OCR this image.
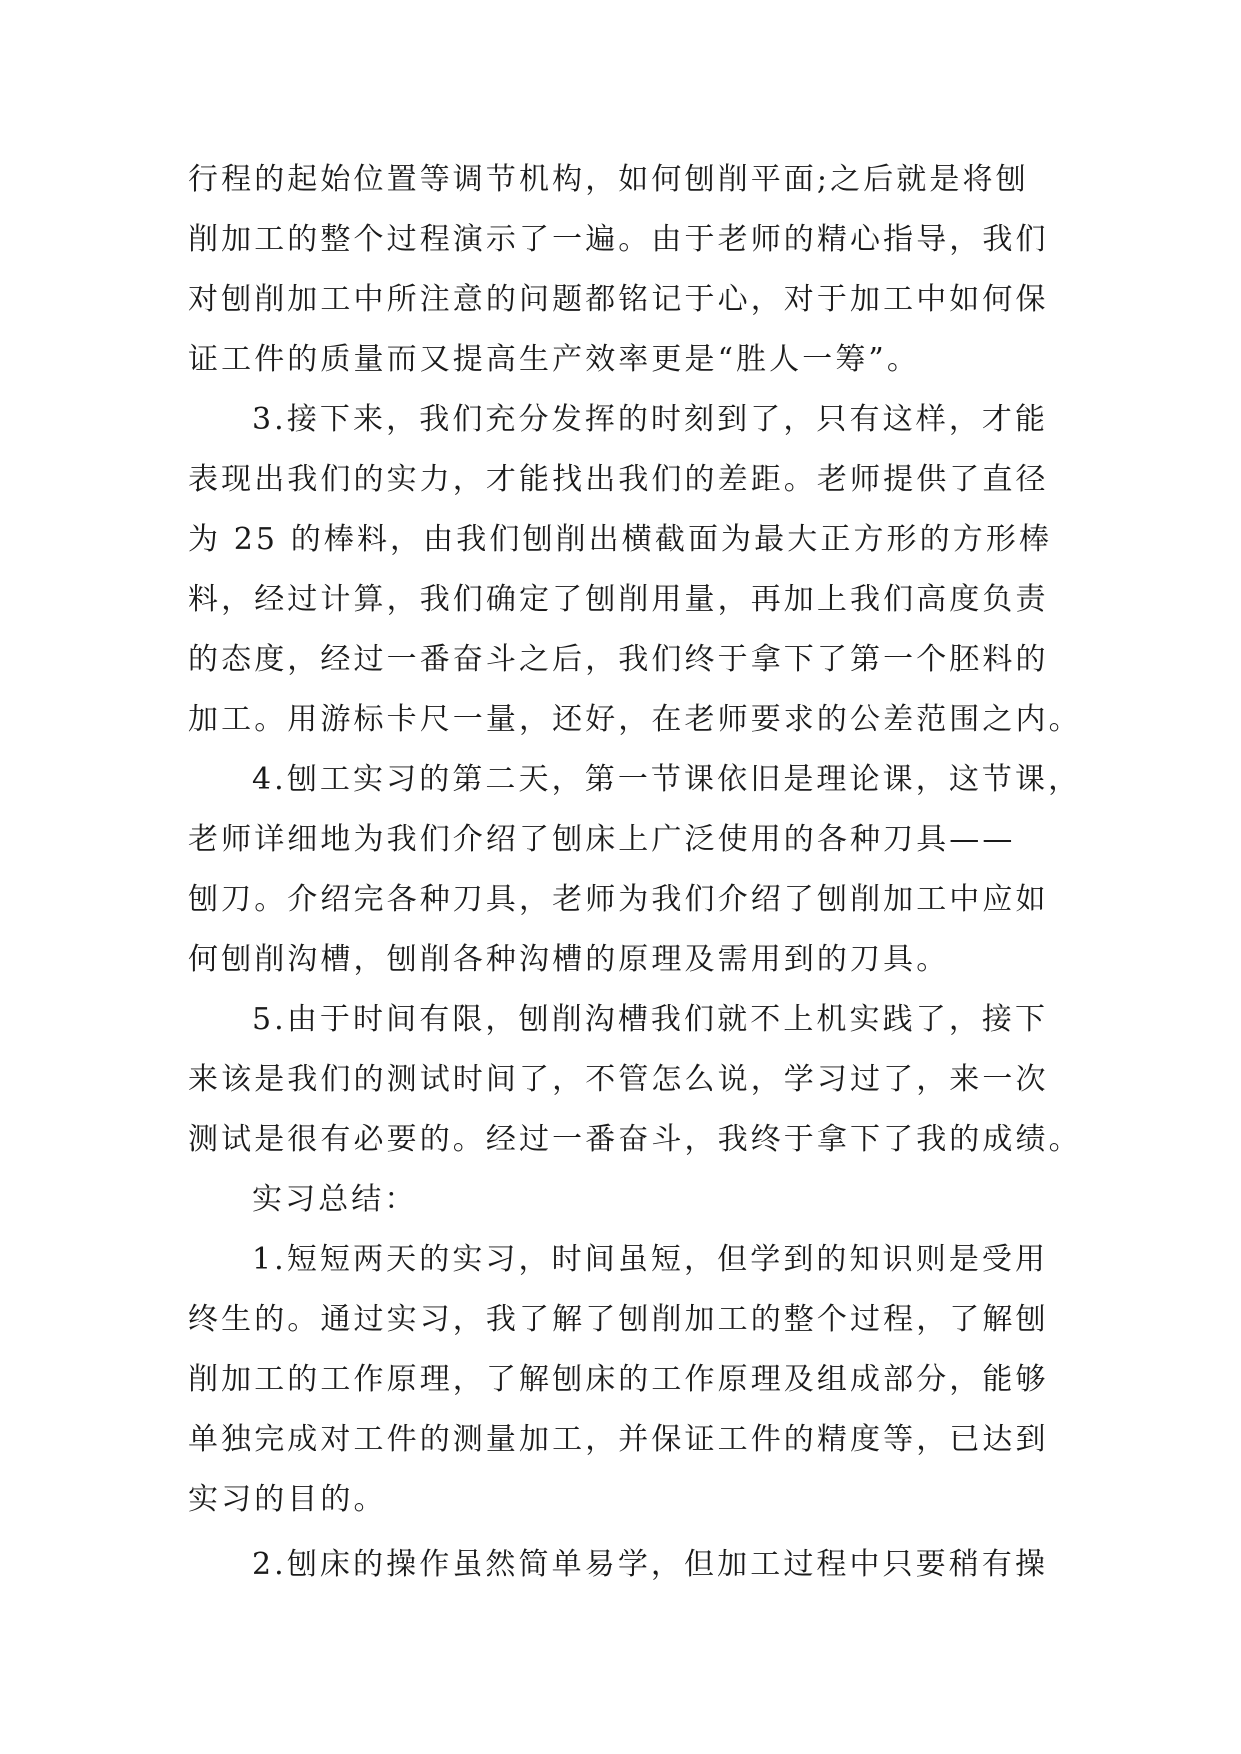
行程的起始位置等调节机构，如何刨削平面;之后就是将刨
削加工的整个过程演示了一遍。由于老师的精心指导，我们
对刨削加工中所注意的问题都铭记于心，对于加工中如何保
证工件的质量而又提高生产效率更是“胜人一筹”。
3.接下来，我们充分发挥的时刻到了，只有这样，才能
表现出我们的实力，才能找出我们的差距。老师提供了直径
为 25 的棒料，由我们刨削出横截面为最大正方形的方形棒
料，经过计算，我们确定了刨削用量，再加上我们高度负责
的态度，经过一番奋斗之后，我们终于拿下了第一个胚料的
加工。用游标卡尺一量，还好，在老师要求的公差范围之内。
4.刨工实习的第二天，第一节课依旧是理论课，这节课，
老师详细地为我们介绍了刨床上广泛使用的各种刀具——
刨刀。介绍完各种刀具，老师为我们介绍了刨削加工中应如
何刨削沟槽，刨削各种沟槽的原理及需用到的刀具。
5.由于时间有限，刨削沟槽我们就不上机实践了，接下
来该是我们的测试时间了，不管怎么说，学习过了，来一次
测试是很有必要的。经过一番奋斗，我终于拿下了我的成绩。
实习总结：
1.短短两天的实习，时间虽短，但学到的知识则是受用
终生的。通过实习，我了解了刨削加工的整个过程，了解刨
削加工的工作原理，了解刨床的工作原理及组成部分，能够
单独完成对工件的测量加工，并保证工件的精度等，已达到
实习的目的。
2.刨床的操作虽然简单易学，但加工过程中只要稍有操
